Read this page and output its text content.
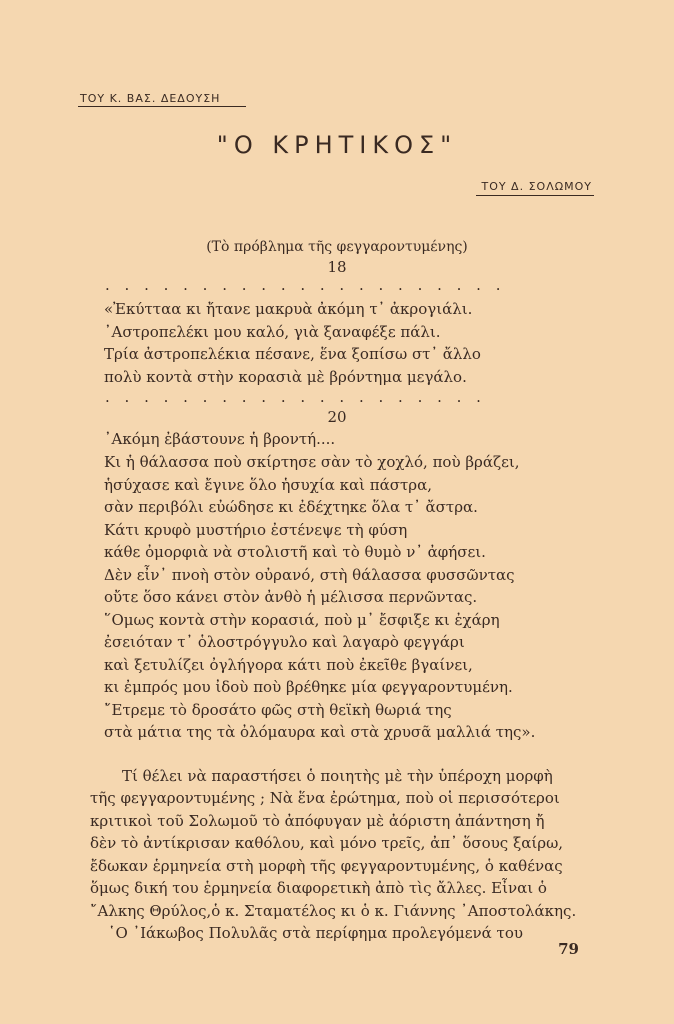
ΤΟΥ Κ. ΒΑΣ. ΔΕΔΟΥΣΗ
"Ο ΚΡΗΤΙΚΟΣ"
ΤΟΥ Δ. ΣΟΛΩΜΟΥ
(Τὸ πρόβλημα τῆς φεγγαροντυμένης)
18
. . . . . . . . . . . . . . . . . . . . .
«Ἐκύτταα κι ἤτανε μακρυὰ ἀκόμη τ᾽ ἀκρογιάλι.
᾽Αστροπελέκι μου καλό, γιὰ ξαναφέξε πάλι.
Τρία ἀστροπελέκια πέσανε, ἕνα ξοπίσω στ᾽ ἄλλο
πολὺ κοντὰ στὴν κορασιὰ μὲ βρόντημα μεγάλο.
. . . . . . . . . . . . . . . . . . . .
20
᾽Ακόμη ἐβάστουνε ἡ βροντή....
Κι ἡ θάλασσα ποὺ σκίρτησε σὰν τὸ χοχλό, ποὺ βράζει,
ἡσύχασε καὶ ἔγινε ὅλο ἡσυχία καὶ πάστρα,
σὰν περιβόλι εὐώδησε κι ἐδέχτηκε ὅλα τ᾽ ἄστρα.
Κάτι κρυφὸ μυστήριο ἐστένεψε τὴ φύση
κάθε ὀμορφιὰ νὰ στολιστῆ καὶ τὸ θυμὸ ν᾽ ἀφήσει.
Δὲν εἶν᾽ πνοὴ στὸν οὐρανό, στὴ θάλασσα φυσσῶντας
οὔτε ὅσο κάνει στὸν ἀνθὸ ἡ μέλισσα περνῶντας.
῞Ομως κοντὰ στὴν κορασιά, ποὺ μ᾽ ἔσφιξε κι ἐχάρη
ἐσειόταν τ᾽ ὁλοστρόγγυλο καὶ λαγαρὸ φεγγάρι
καὶ ξετυλίζει ὀγλήγορα κάτι ποὺ ἐκεῖθε βγαίνει,
κι ἐμπρός μου ἰδοὺ ποὺ βρέθηκε μία φεγγαροντυμένη.
῎Ετρεμε τὸ δροσάτο φῶς στὴ θεϊκὴ θωριά της
στὰ μάτια της τὰ ὀλόμαυρα καὶ στὰ χρυσᾶ μαλλιά της».
Τί θέλει νὰ παραστήσει ὁ ποιητὴς μὲ τὴν ὑπέροχη μορφὴ
τῆς φεγγαροντυμένης ; Νὰ ἕνα ἐρώτημα, ποὺ οἱ περισσότεροι
κριτικοὶ τοῦ Σολωμοῦ τὸ ἀπόφυγαν μὲ ἀόριστη ἀπάντηση ἤ
δὲν τὸ ἀντίκρισαν καθόλου, καὶ μόνο τρεῖς, ἀπ᾽ ὅσους ξαίρω,
ἔδωκαν ἑρμηνεία στὴ μορφὴ τῆς φεγγαροντυμένης, ὁ καθένας
ὅμως δική του ἑρμηνεία διαφορετικὴ ἀπὸ τὶς ἄλλες. Εἶναι ὁ
῎Αλκης Θρύλος,ὁ κ. Σταματέλος κι ὁ κ. Γιάννης ᾽Αποστολάκης.
῾Ο ᾽Ιάκωβος Πολυλᾶς στὰ περίφημα προλεγόμενά του
79
